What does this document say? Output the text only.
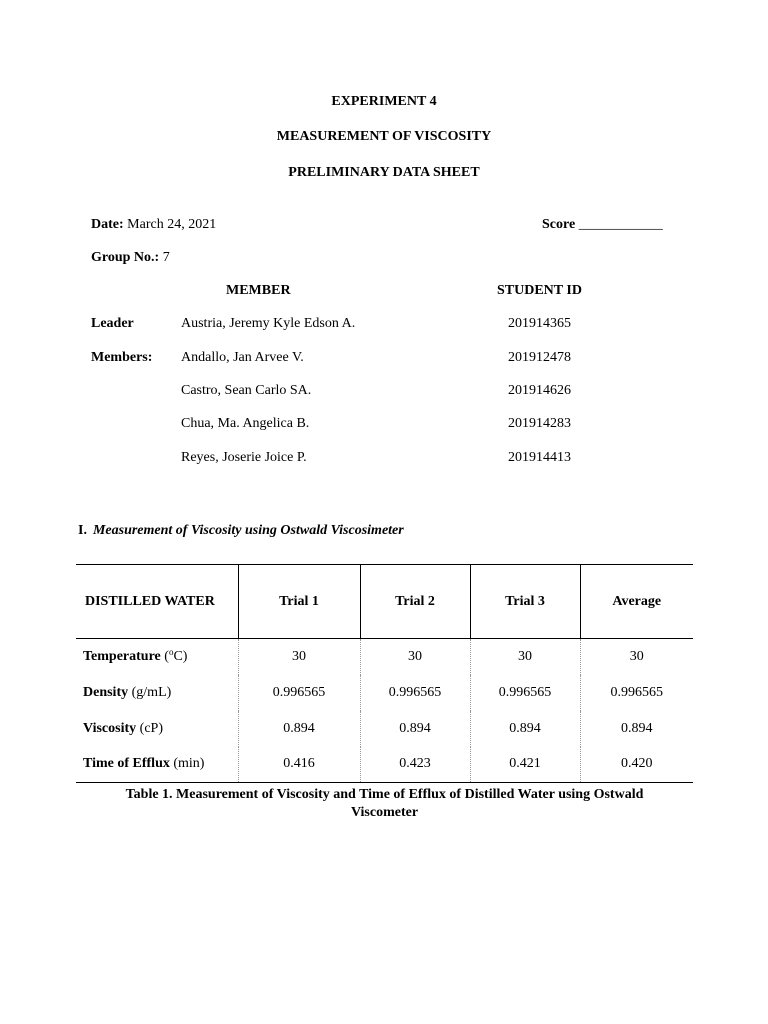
EXPERIMENT 4
MEASUREMENT OF VISCOSITY
PRELIMINARY DATA SHEET
Date: March 24, 2021	Score ____________
Group No.: 7
MEMBER	STUDENT ID
Leader	Austria, Jeremy Kyle Edson A.	201914365
Members: Andallo, Jan Arvee V.	201912478
Castro, Sean Carlo SA.	201914626
Chua, Ma. Angelica B.	201914283
Reyes, Joserie Joice P.	201914413
I. Measurement of Viscosity using Ostwald Viscosimeter
DISTILLED WATER	Trial 1	Trial 2	Trial 3	Average
Temperature ($^o$C)	30	30	30	30
Density (g/mL)	0.996565	0.996565	0.996565	0.996565
Viscosity (cP)	0.894	0.894	0.894	0.894
Time of Efflux (min)	0.416	0.423	0.421	0.420
Table 1. Measurement of Viscosity and Time of Efflux of Distilled Water using Ostwald
Viscometer
